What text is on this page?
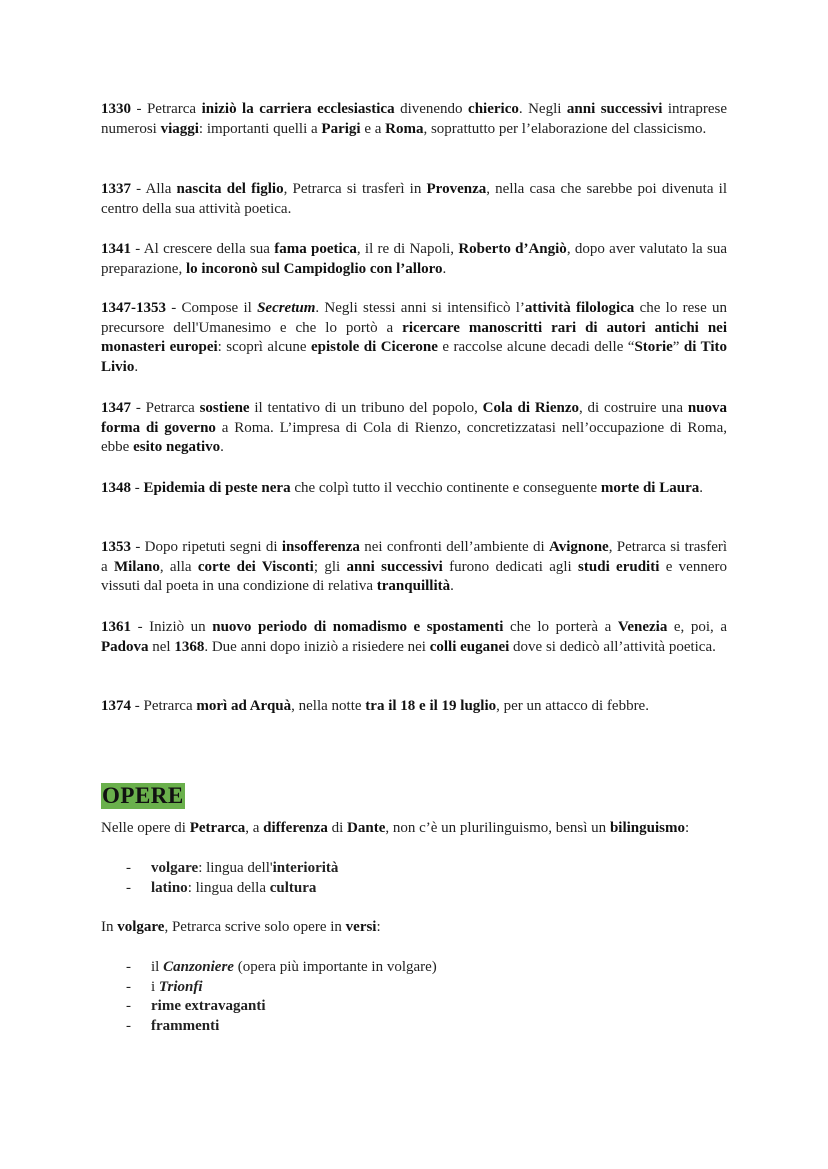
1330 - Petrarca iniziò la carriera ecclesiastica divenendo chierico. Negli anni successivi intraprese numerosi viaggi: importanti quelli a Parigi e a Roma, soprattutto per l’elaborazione del classicismo.

1337 - Alla nascita del figlio, Petrarca si trasferì in Provenza, nella casa che sarebbe poi divenuta il centro della sua attività poetica.

1341 - Al crescere della sua fama poetica, il re di Napoli, Roberto d’Angiò, dopo aver valutato la sua preparazione, lo incoronò sul Campidoglio con l’alloro.

1347-1353 - Compose il Secretum. Negli stessi anni si intensificò l’attività filologica che lo rese un precursore dell'Umanesimo e che lo portò a ricercare manoscritti rari di autori antichi nei monasteri europei: scoprì alcune epistole di Cicerone e raccolse alcune decadi delle “Storie” di Tito Livio.

1347 - Petrarca sostiene il tentativo di un tribuno del popolo, Cola di Rienzo, di costruire una nuova forma di governo a Roma. L’impresa di Cola di Rienzo, concretizzatasi nell’occupazione di Roma, ebbe esito negativo.

1348 - Epidemia di peste nera che colpì tutto il vecchio continente e conseguente morte di Laura.

1353 - Dopo ripetuti segni di insofferenza nei confronti dell’ambiente di Avignone, Petrarca si trasferì a Milano, alla corte dei Visconti; gli anni successivi furono dedicati agli studi eruditi e vennero vissuti dal poeta in una condizione di relativa tranquillità.

1361 - Iniziò un nuovo periodo di nomadismo e spostamenti che lo porterà a Venezia e, poi, a Padova nel 1368. Due anni dopo iniziò a risiedere nei colli euganei dove si dedicò all’attività poetica.

1374 - Petrarca morì ad Arquà, nella notte tra il 18 e il 19 luglio, per un attacco di febbre.

OPERE

Nelle opere di Petrarca, a differenza di Dante, non c’è un plurilinguismo, bensì un bilinguismo:

- volgare: lingua dell'interiorità
- latino: lingua della cultura

In volgare, Petrarca scrive solo opere in versi:

- il Canzoniere (opera più importante in volgare)
- i Trionfi
- rime extravaganti
- frammenti
